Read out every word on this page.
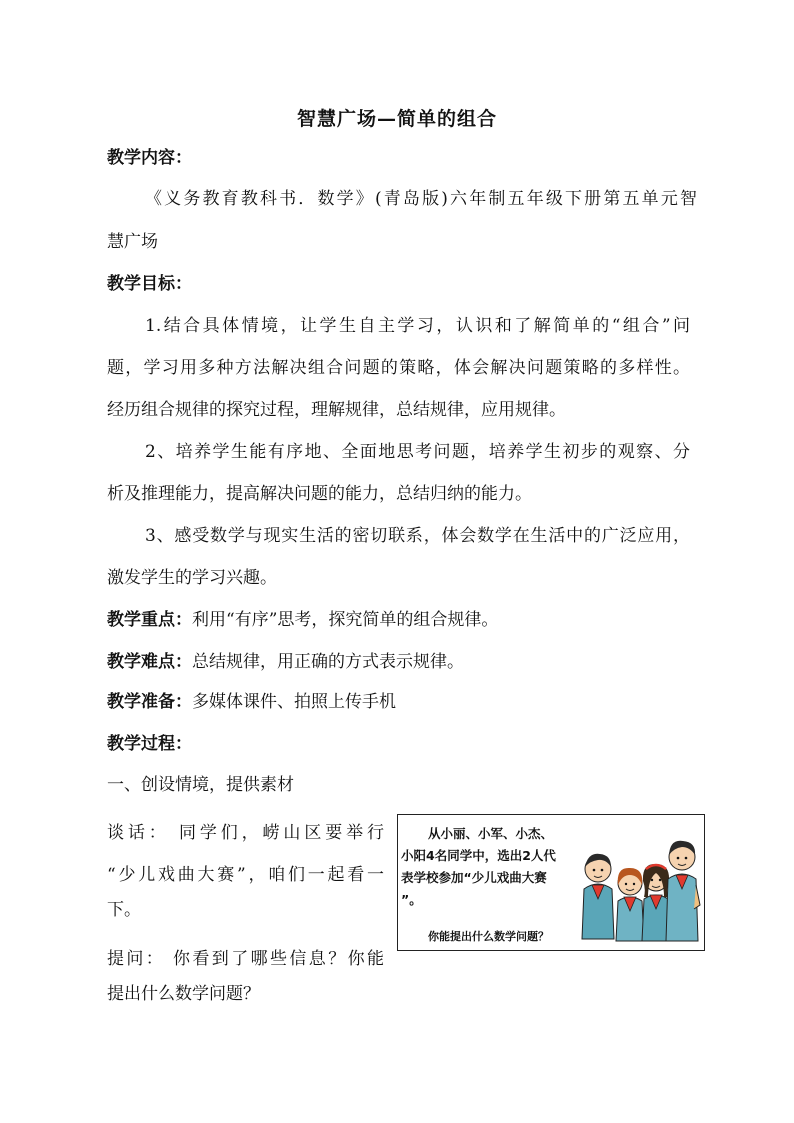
智慧广场—简单的组合
教学内容：
《义务教育教科书．数学》(青岛版)六年制五年级下册第五单元智
慧广场
教学目标：
1.结合具体情境，让学生自主学习，认识和了解简单的“组合”问
题，学习用多种方法解决组合问题的策略，体会解决问题策略的多样性。
经历组合规律的探究过程，理解规律，总结规律，应用规律。
2、培养学生能有序地、全面地思考问题，培养学生初步的观察、分
析及推理能力，提高解决问题的能力，总结归纳的能力。
3、感受数学与现实生活的密切联系，体会数学在生活中的广泛应用，
激发学生的学习兴趣。
教学重点：利用“有序”思考，探究简单的组合规律。
教学难点：总结规律，用正确的方式表示规律。
教学准备：多媒体课件、拍照上传手机
教学过程：
一、创设情境，提供素材
谈话： 同学们，崂山区要举行
“少儿戏曲大赛”，咱们一起看一
下。
提问： 你看到了哪些信息？你能
提出什么数学问题？
从小丽、小军、小杰、
小阳4名同学中，选出2人代
表学校参加“少儿戏曲大赛
”。
你能提出什么数学问题？
